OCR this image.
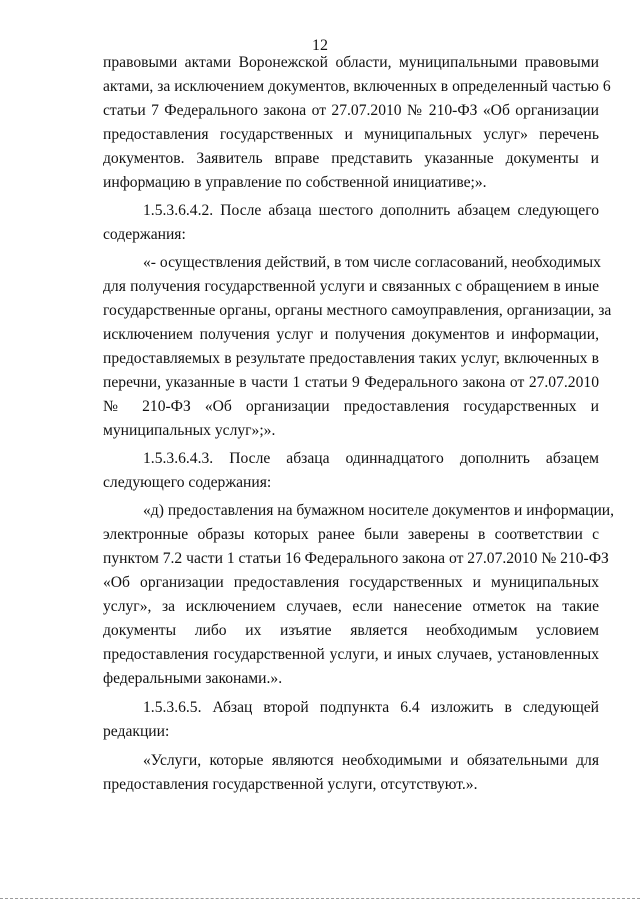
12
правовыми актами Воронежской области, муниципальными правовыми
актами, за исключением документов, включенных в определенный частью 6
статьи 7 Федерального закона от 27.07.2010 № 210-ФЗ «Об организации
предоставления государственных и муниципальных услуг» перечень
документов. Заявитель вправе представить указанные документы и
информацию в управление по собственной инициативе;».
1.5.3.6.4.2. После абзаца шестого дополнить абзацем следующего
содержания:
«- осуществления действий, в том числе согласований, необходимых
для получения государственной услуги и связанных с обращением в иные
государственные органы, органы местного самоуправления, организации, за
исключением получения услуг и получения документов и информации,
предоставляемых в результате предоставления таких услуг, включенных в
перечни, указанные в части 1 статьи 9 Федерального закона от 27.07.2010
№ 210-ФЗ «Об организации предоставления государственных и
муниципальных услуг»;».
1.5.3.6.4.3. После абзаца одиннадцатого дополнить абзацем
следующего содержания:
«д) предоставления на бумажном носителе документов и информации,
электронные образы которых ранее были заверены в соответствии с
пунктом 7.2 части 1 статьи 16 Федерального закона от 27.07.2010 № 210-ФЗ
«Об организации предоставления государственных и муниципальных
услуг», за исключением случаев, если нанесение отметок на такие
документы либо их изъятие является необходимым условием
предоставления государственной услуги, и иных случаев, установленных
федеральными законами.».
1.5.3.6.5. Абзац второй подпункта 6.4 изложить в следующей
редакции:
«Услуги, которые являются необходимыми и обязательными для
предоставления государственной услуги, отсутствуют.».
